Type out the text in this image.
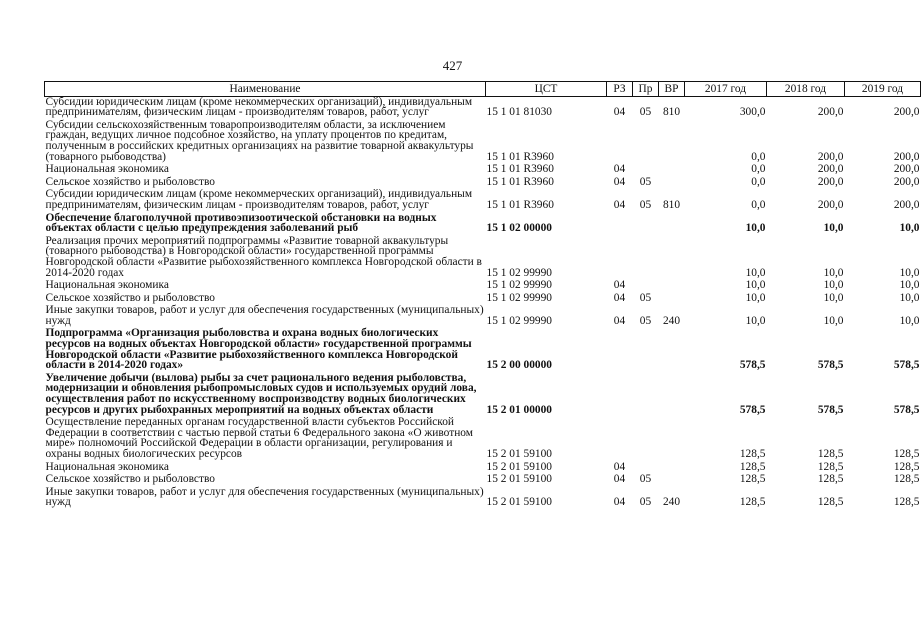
427
Наименование	ЦСТ	РЗ	Пр	ВР	2017 год	2018 год	2019 год
Субсидии юридическим лицам (кроме некоммерческих организаций), индивидуальным предпринимателям, физическим лицам - производителям товаров, работ, услуг	15 1 01 81030	04	05	810	300,0	200,0	200,0
Субсидии сельскохозяйственным товаропроизводителям области, за исключением граждан, ведущих личное подсобное хозяйство, на уплату процентов по кредитам, полученным в российских кредитных организациях на развитие товарной аквакультуры (товарного рыбоводства)	15 1 01 R3960				0,0	200,0	200,0
Национальная экономика	15 1 01 R3960	04			0,0	200,0	200,0
Сельское хозяйство и рыболовство	15 1 01 R3960	04	05		0,0	200,0	200,0
Субсидии юридическим лицам (кроме некоммерческих организаций), индивидуальным предпринимателям, физическим лицам - производителям товаров, работ, услуг	15 1 01 R3960	04	05	810	0,0	200,0	200,0
Обеспечение благополучной противоэпизоотической обстановки на водных объектах области с целью предупреждения заболеваний рыб	15 1 02 00000				10,0	10,0	10,0
Реализация прочих мероприятий подпрограммы «Развитие товарной аквакультуры (товарного рыбоводства) в Новгородской области» государственной программы Новгородской области «Развитие рыбохозяйственного комплекса Новгородской области в 2014-2020 годах	15 1 02 99990				10,0	10,0	10,0
Национальная экономика	15 1 02 99990	04			10,0	10,0	10,0
Сельское хозяйство и рыболовство	15 1 02 99990	04	05		10,0	10,0	10,0
Иные закупки товаров, работ и услуг для обеспечения государственных (муниципальных) нужд	15 1 02 99990	04	05	240	10,0	10,0	10,0
Подпрограмма «Организация рыболовства и охрана водных биологических ресурсов на водных объектах Новгородской области» государственной программы Новгородской области «Развитие рыбохозяйственного комплекса Новгородской области в 2014-2020 годах»	15 2 00 00000				578,5	578,5	578,5
Увеличение добычи (вылова) рыбы за счет рационального ведения рыболовства, модернизации и обновления рыбопромысловых судов и используемых орудий лова, осуществления работ по искусственному воспроизводству водных биологических ресурсов и других рыбохранных мероприятий на водных объектах области	15 2 01 00000				578,5	578,5	578,5
Осуществление переданных органам государственной власти субъектов Российской Федерации в соответствии с частью первой статьи 6 Федерального закона «О животном мире» полномочий Российской Федерации в области организации, регулирования и охраны водных биологических ресурсов	15 2 01 59100				128,5	128,5	128,5
Национальная экономика	15 2 01 59100	04			128,5	128,5	128,5
Сельское хозяйство и рыболовство	15 2 01 59100	04	05		128,5	128,5	128,5
Иные закупки товаров, работ и услуг для обеспечения государственных (муниципальных) нужд	15 2 01 59100	04	05	240	128,5	128,5	128,5
